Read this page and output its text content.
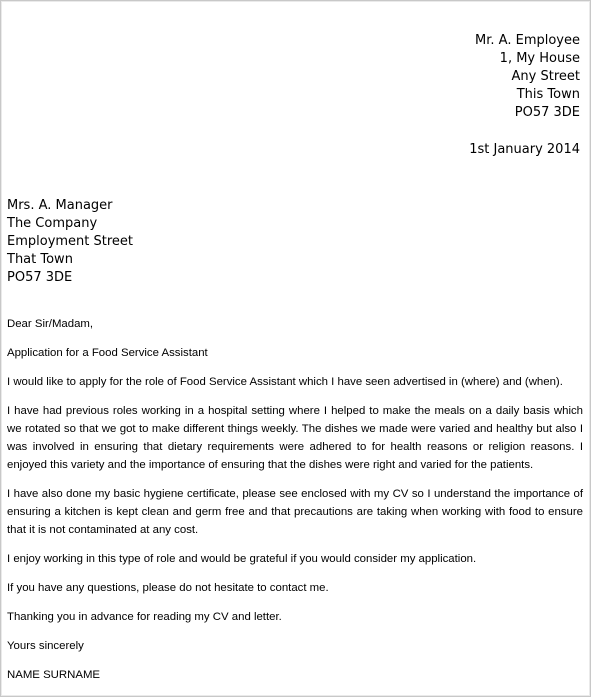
Mr. A. Employee
1, My House
Any Street
This Town
PO57 3DE
1st January 2014
Mrs. A. Manager
The Company
Employment Street
That Town
PO57 3DE

Dear Sir/Madam,

Application for a Food Service Assistant

I would like to apply for the role of Food Service Assistant which I have seen advertised in (where) and (when).

I have had previous roles working in a hospital setting where I helped to make the meals on a daily basis which we rotated so that we got to make different things weekly. The dishes we made were varied and healthy but also I was involved in ensuring that dietary requirements were adhered to for health reasons or religion reasons. I enjoyed this variety and the importance of ensuring that the dishes were right and varied for the patients.

I have also done my basic hygiene certificate, please see enclosed with my CV so I understand the importance of ensuring a kitchen is kept clean and germ free and that precautions are taking when working with food to ensure that it is not contaminated at any cost.

I enjoy working in this type of role and would be grateful if you would consider my application.

If you have any questions, please do not hesitate to contact me.

Thanking you in advance for reading my CV and letter.

Yours sincerely

NAME SURNAME
